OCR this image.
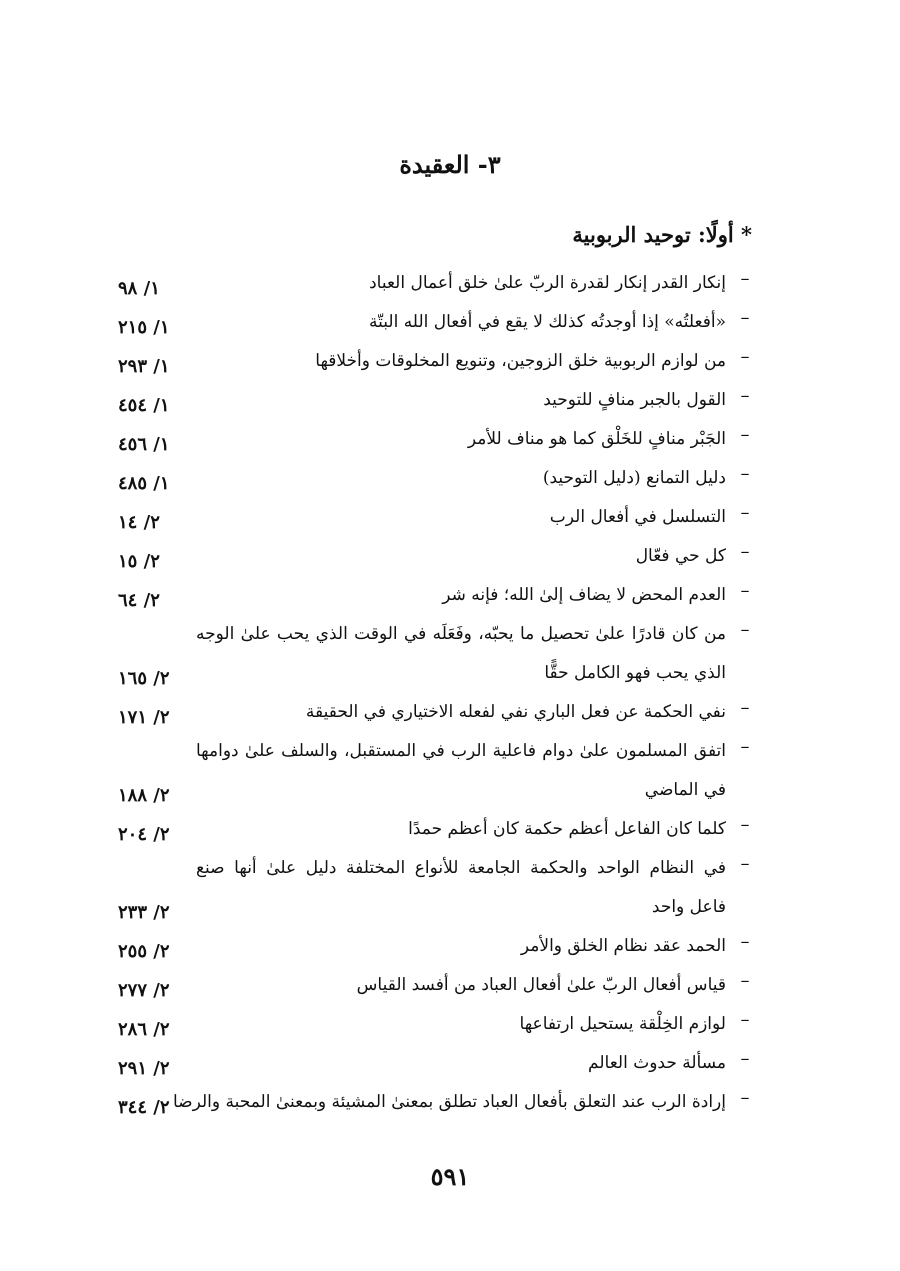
٣- العقيدة
* أولًا: توحيد الربوبية
–
إنكار القدر إنكار لقدرة الربّ علىٰ خلق أعمال العباد
١/ ٩٨
–
«أفعلتُه» إذا أوجدتُه كذلك لا يقع في أفعال الله البتّة
١/ ٢١٥
–
من لوازم الربوبية خلق الزوجين، وتنويع المخلوقات وأخلاقها
١/ ٢٩٣
–
القول بالجبر منافٍ للتوحيد
١/ ٤٥٤
–
الجَبْر منافٍ للخَلْق كما هو مناف للأمر
١/ ٤٥٦
–
دليل التمانع (دليل التوحيد)
١/ ٤٨٥
–
التسلسل في أفعال الرب
٢/ ١٤
–
كل حي فعّال
٢/ ١٥
–
العدم المحض لا يضاف إلىٰ الله؛ فإنه شر
٢/ ٦٤
–
من كان قادرًا علىٰ تحصيل ما يحبّه، وفَعَلَه في الوقت الذي يحب علىٰ الوجه الذي يحب فهو الكامل حقًّا
٢/ ١٦٥
–
نفي الحكمة عن فعل الباري نفي لفعله الاختياري في الحقيقة
٢/ ١٧١
–
اتفق المسلمون علىٰ دوام فاعلية الرب في المستقبل، والسلف علىٰ دوامها في الماضي
٢/ ١٨٨
–
كلما كان الفاعل أعظم حكمة كان أعظم حمدًا
٢/ ٢٠٤
–
في النظام الواحد والحكمة الجامعة للأنواع المختلفة دليل علىٰ أنها صنع فاعل واحد
٢/ ٢٣٣
–
الحمد عقد نظام الخلق والأمر
٢/ ٢٥٥
–
قياس أفعال الربّ علىٰ أفعال العباد من أفسد القياس
٢/ ٢٧٧
–
لوازم الخِلْقة يستحيل ارتفاعها
٢/ ٢٨٦
–
مسألة حدوث العالم
٢/ ٢٩١
–
إرادة الرب عند التعلق بأفعال العباد تطلق بمعنىٰ المشيئة وبمعنىٰ المحبة والرضا
٢/ ٣٤٤
٥٩١
